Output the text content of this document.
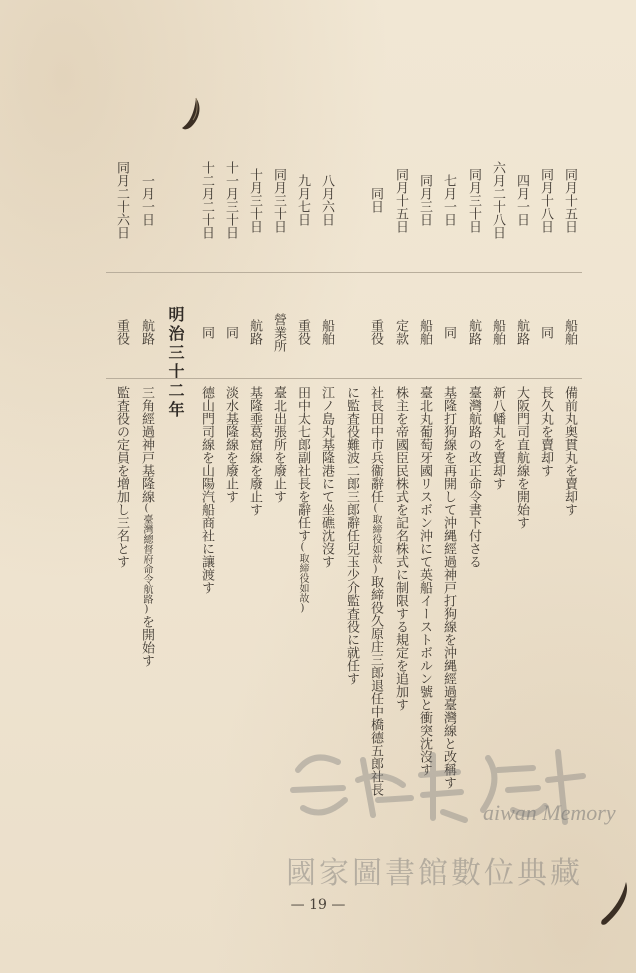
同月十五日
船舶
備前丸奥貫丸を賣却す
同月十八日
同
長久丸を賣却す
四月一日
航路
大阪門司直航線を開始す
六月二十八日
船舶
新八幡丸を賣却す
同月三十日
航路
臺灣航路の改正命令書下付さる
七月一日
同
基隆打狗線を再開して沖縄經過神戸打狗線を沖縄經過臺灣線と改稱す
同月三日
船舶
臺北丸葡萄牙國リスボン沖にて英船イーストボルン號と衝突沈沒す
同月十五日
定款
株主を帝國臣民株式を記名株式に制限する規定を追加す
同日
重役
社長田中市兵衞辭任(取締役如故)取締役久原庄三郎退任中橋德五郎社長
に監査役難波二郎三郎辭任兒玉少介監査役に就任す
八月六日
船舶
江ノ島丸基隆港にて坐礁沈沒す
九月七日
重役
田中太七郎副社長を辭任す(取締役如故)
同月三十日
營業所
臺北出張所を廢止す
十月三十日
航路
基隆埀葛窟線を廢止す
十一月三十日
同
淡水基隆線を廢止す
十二月二十日
同
德山門司線を山陽汽船商社に讓渡す
明治三十二年
一月一日
航路
三角經過神戸基隆線(臺灣總督府命令航路)を開始す
同月二十六日
重役
監査役の定員を增加し三名とす
aiwan Memory
國家圖書館數位典藏
— 19 —
